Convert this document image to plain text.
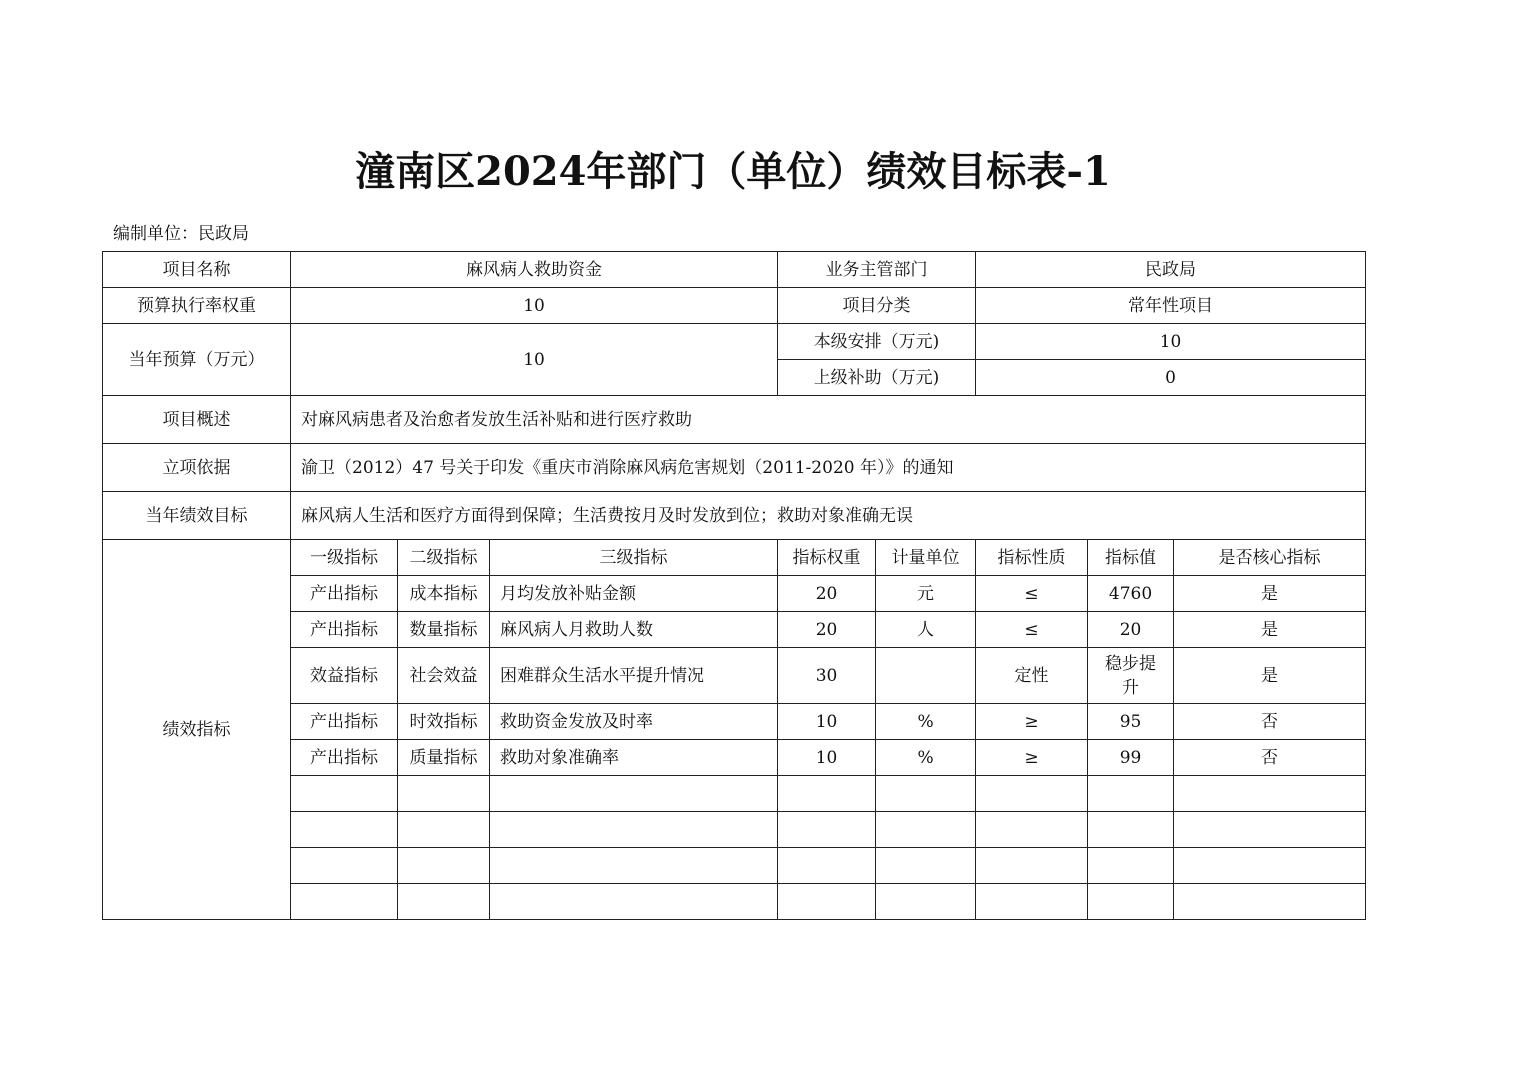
潼南区2024年部门（单位）绩效目标表-1
编制单位：民政局
项目名称	麻风病人救助资金			业务主管部门		民政局		
预算执行率权重	10			项目分类		常年性项目		
当年预算（万元）	10			本级安排（万元)		10		
				上级补助（万元)		0		
项目概述	对麻风病患者及治愈者发放生活补贴和进行医疗救助							
立项依据	渝卫（2012）47 号关于印发《重庆市消除麻风病危害规划（2011-2020 年）》的通知							
当年绩效目标	麻风病人生活和医疗方面得到保障；生活费按月及时发放到位；救助对象准确无误							
绩效指标	一级指标	二级指标	三级指标	指标权重	计量单位	指标性质	指标值	是否核心指标
	产出指标	成本指标	月均发放补贴金额	20	元	≤	4760	是
	产出指标	数量指标	麻风病人月救助人数	20	人	≤	20	是
	效益指标	社会效益	困难群众生活水平提升情况	30		定性	稳步提升	是
	产出指标	时效指标	救助资金发放及时率	10	%	≥	95	否
	产出指标	质量指标	救助对象准确率	10	%	≥	99	否
